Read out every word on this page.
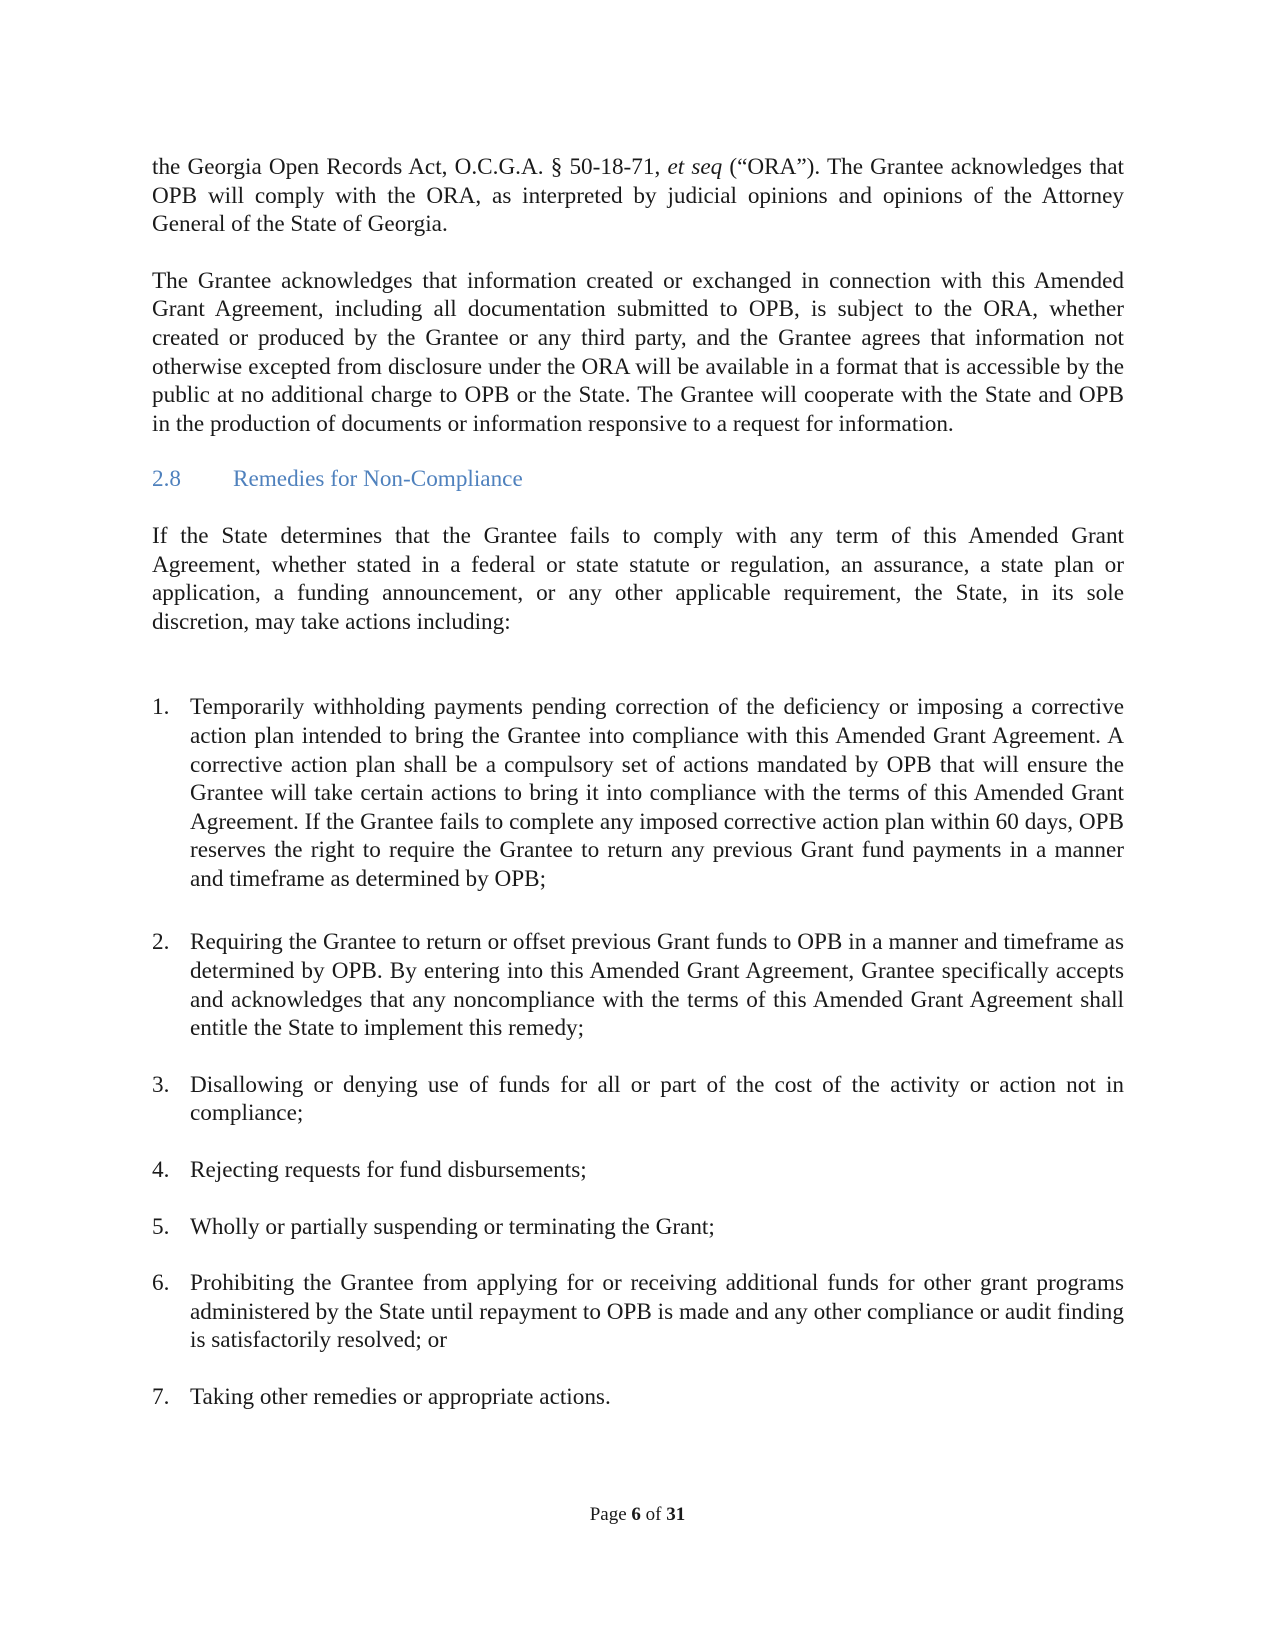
the Georgia Open Records Act, O.C.G.A. § 50-18-71, et seq (“ORA”). The Grantee acknowledges that OPB will comply with the ORA, as interpreted by judicial opinions and opinions of the Attorney General of the State of Georgia.

The Grantee acknowledges that information created or exchanged in connection with this Amended Grant Agreement, including all documentation submitted to OPB, is subject to the ORA, whether created or produced by the Grantee or any third party, and the Grantee agrees that information not otherwise excepted from disclosure under the ORA will be available in a format that is accessible by the public at no additional charge to OPB or the State. The Grantee will cooperate with the State and OPB in the production of documents or information responsive to a request for information.

2.8	Remedies for Non-Compliance

If the State determines that the Grantee fails to comply with any term of this Amended Grant Agreement, whether stated in a federal or state statute or regulation, an assurance, a state plan or application, a funding announcement, or any other applicable requirement, the State, in its sole discretion, may take actions including:

1. Temporarily withholding payments pending correction of the deficiency or imposing a corrective action plan intended to bring the Grantee into compliance with this Amended Grant Agreement. A corrective action plan shall be a compulsory set of actions mandated by OPB that will ensure the Grantee will take certain actions to bring it into compliance with the terms of this Amended Grant Agreement. If the Grantee fails to complete any imposed corrective action plan within 60 days, OPB reserves the right to require the Grantee to return any previous Grant fund payments in a manner and timeframe as determined by OPB;
2. Requiring the Grantee to return or offset previous Grant funds to OPB in a manner and timeframe as determined by OPB. By entering into this Amended Grant Agreement, Grantee specifically accepts and acknowledges that any noncompliance with the terms of this Amended Grant Agreement shall entitle the State to implement this remedy;
3. Disallowing or denying use of funds for all or part of the cost of the activity or action not in compliance;
4. Rejecting requests for fund disbursements;
5. Wholly or partially suspending or terminating the Grant;
6. Prohibiting the Grantee from applying for or receiving additional funds for other grant programs administered by the State until repayment to OPB is made and any other compliance or audit finding is satisfactorily resolved; or
7. Taking other remedies or appropriate actions.
Page 6 of 31
